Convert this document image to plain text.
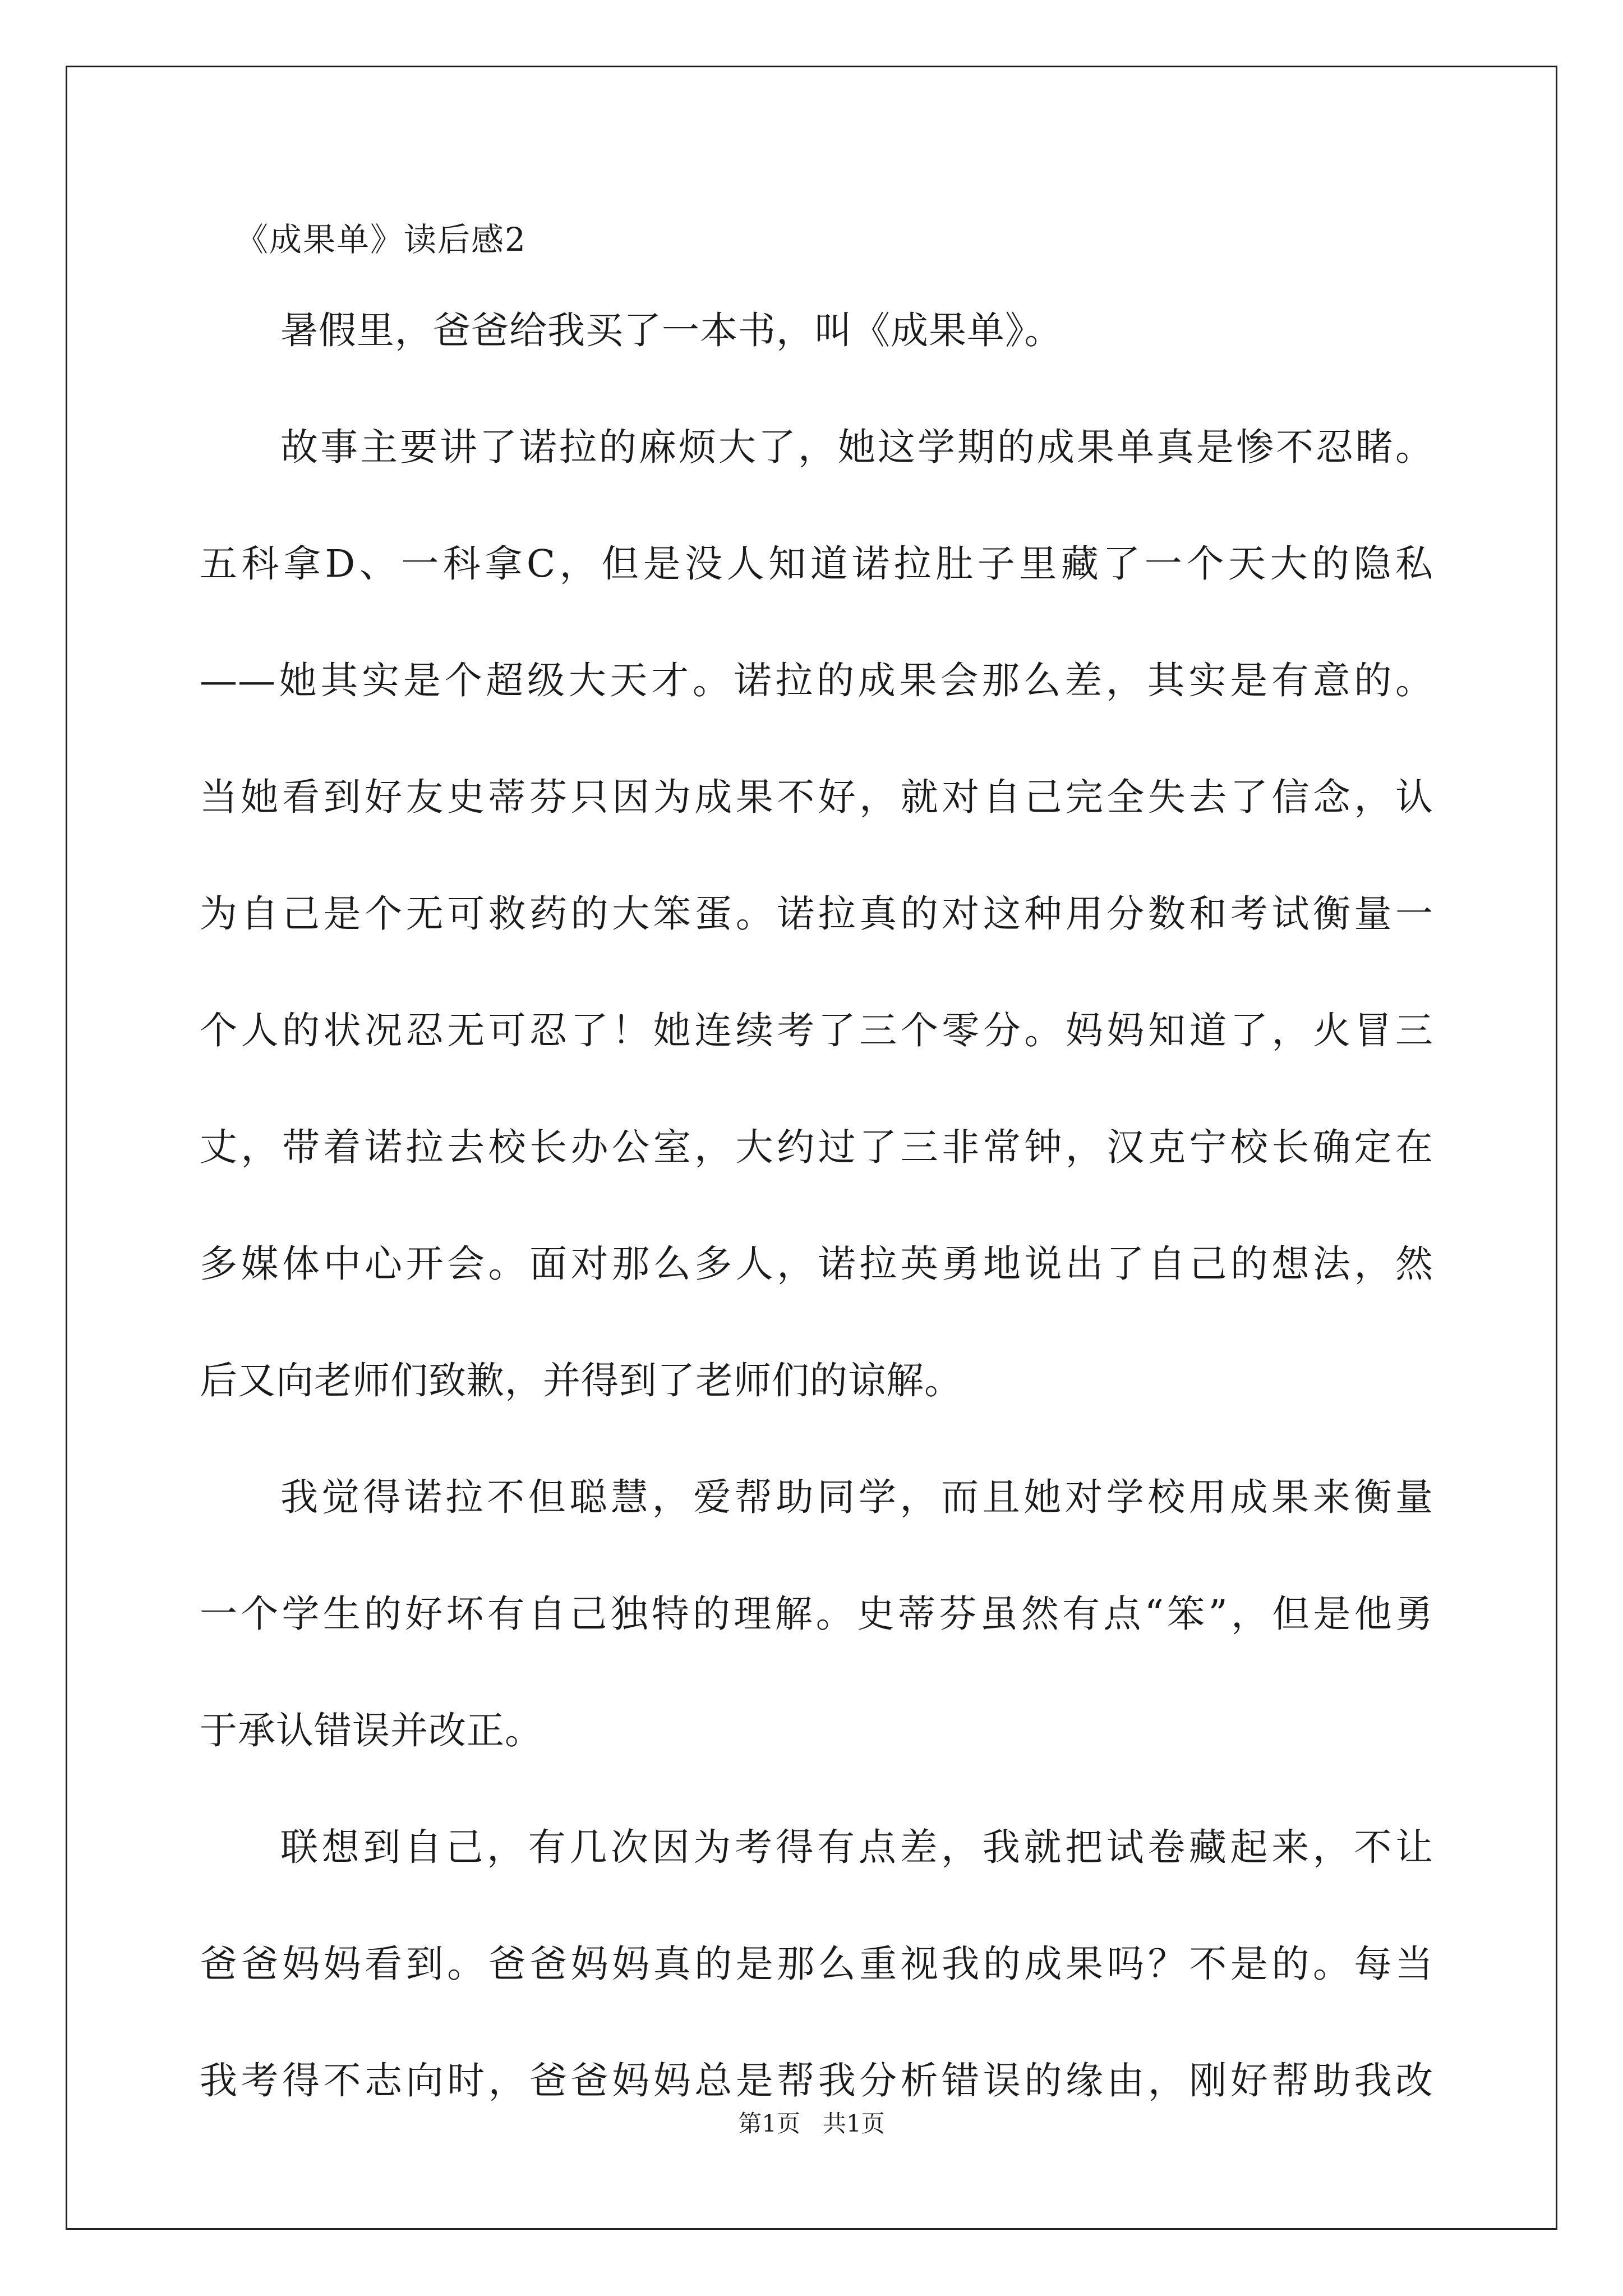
《成果单》读后感2
暑假里，爸爸给我买了一本书，叫《成果单》。
故事主要讲了诺拉的麻烦大了，她这学期的成果单真是惨不忍睹。
五科拿D、一科拿C，但是没人知道诺拉肚子里藏了一个天大的隐私
——她其实是个超级大天才。诺拉的成果会那么差，其实是有意的。
当她看到好友史蒂芬只因为成果不好，就对自己完全失去了信念，认
为自己是个无可救药的大笨蛋。诺拉真的对这种用分数和考试衡量一
个人的状况忍无可忍了！她连续考了三个零分。妈妈知道了，火冒三
丈，带着诺拉去校长办公室，大约过了三非常钟，汉克宁校长确定在
多媒体中心开会。面对那么多人，诺拉英勇地说出了自己的想法，然
后又向老师们致歉，并得到了老师们的谅解。
我觉得诺拉不但聪慧，爱帮助同学，而且她对学校用成果来衡量
一个学生的好坏有自己独特的理解。史蒂芬虽然有点“笨”，但是他勇
于承认错误并改正。
联想到自己，有几次因为考得有点差，我就把试卷藏起来，不让
爸爸妈妈看到。爸爸妈妈真的是那么重视我的成果吗？不是的。每当
我考得不志向时，爸爸妈妈总是帮我分析错误的缘由，刚好帮助我改
第1页   共1页
